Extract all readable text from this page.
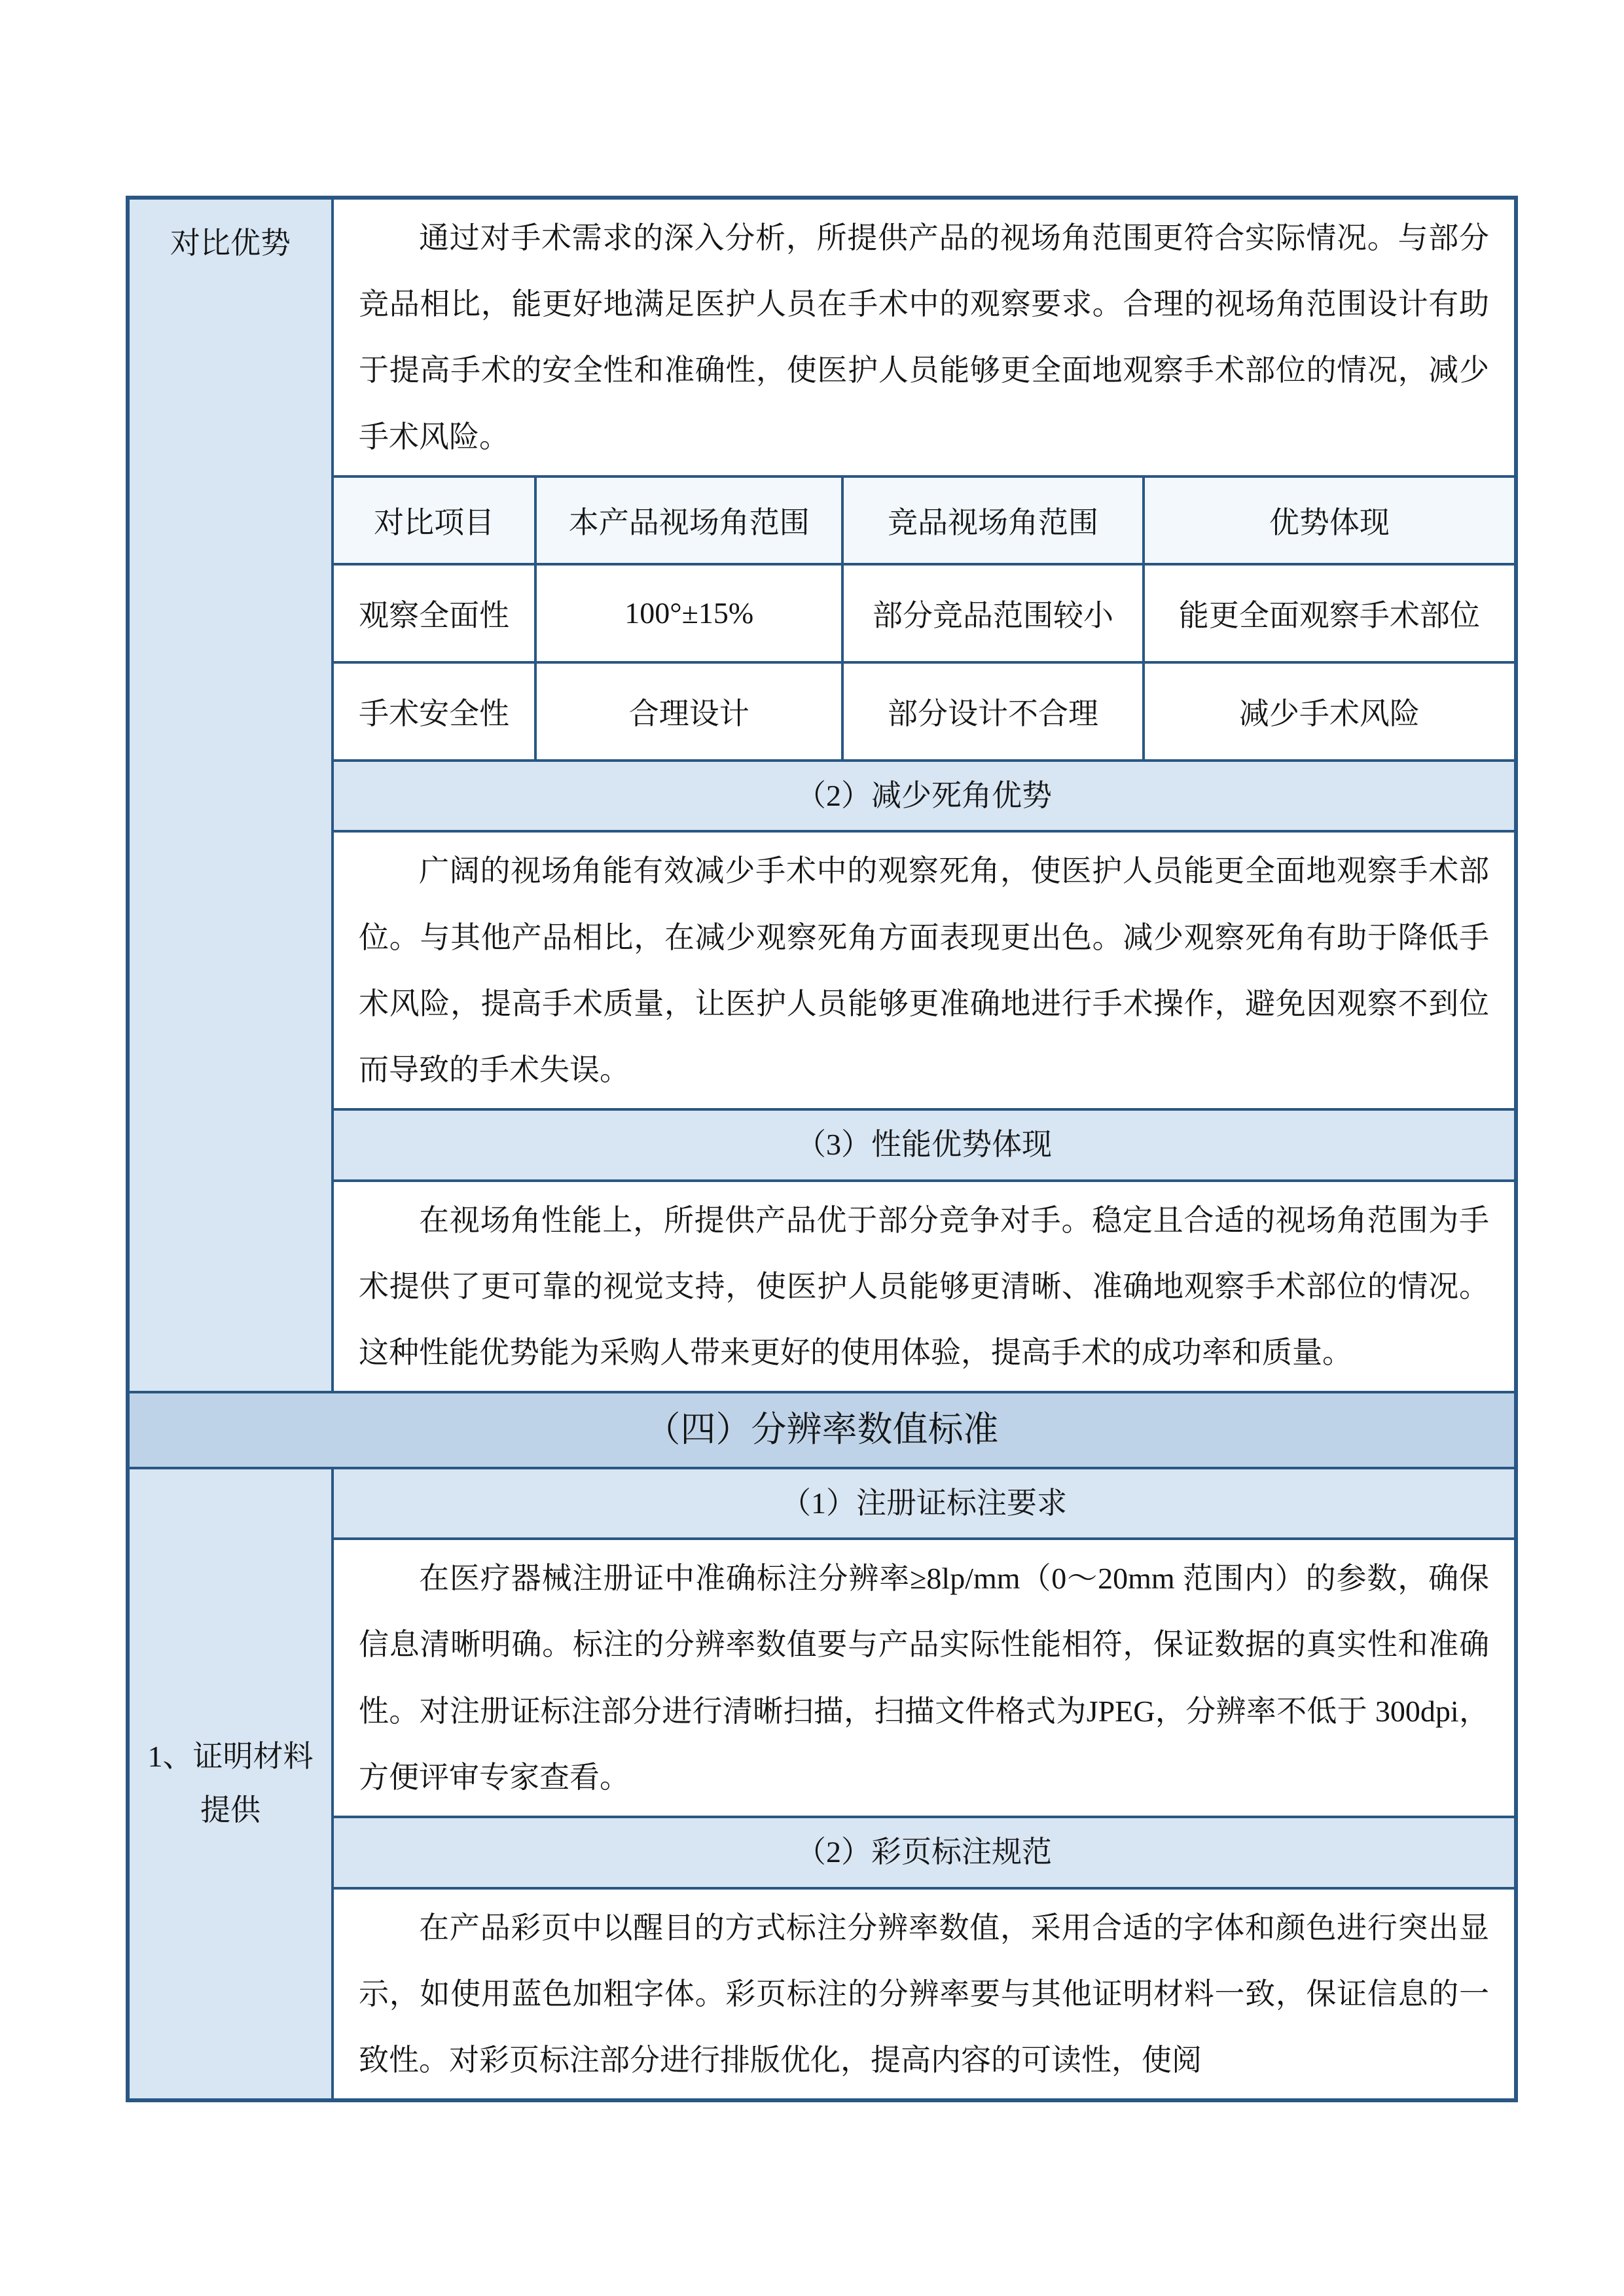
对比优势	通过对手术需求的深入分析，所提供产品的视场角范围更符合实际情况。与部分竞品相比，能更好地满足医护人员在手术中的观察要求。合理的视场角范围设计有助于提高手术的安全性和准确性，使医护人员能够更全面地观察手术部位的情况，减少手术风险。

对比项目	本产品视场角范围	竞品视场角范围	优势体现
观察全面性	100°±15%	部分竞品范围较小	能更全面观察手术部位
手术安全性	合理设计	部分设计不合理	减少手术风险
（2）减少死角优势

广阔的视场角能有效减少手术中的观察死角，使医护人员能更全面地观察手术部位。与其他产品相比，在减少观察死角方面表现更出色。减少观察死角有助于降低手术风险，提高手术质量，让医护人员能够更准确地进行手术操作，避免因观察不到位而导致的手术失误。

（3）性能优势体现

在视场角性能上，所提供产品优于部分竞争对手。稳定且合适的视场角范围为手术提供了更可靠的视觉支持，使医护人员能够更清晰、准确地观察手术部位的情况。这种性能优势能为采购人带来更好的使用体验，提高手术的成功率和质量。

（四）分辨率数值标准
1、证明材料提供
（1）注册证标注要求

在医疗器械注册证中准确标注分辨率≥8lp/mm（0～20mm 范围内）的参数，确保信息清晰明确。标注的分辨率数值要与产品实际性能相符，保证数据的真实性和准确性。对注册证标注部分进行清晰扫描，扫描文件格式为JPEG，分辨率不低于 300dpi，方便评审专家查看。

（2）彩页标注规范

在产品彩页中以醒目的方式标注分辨率数值，采用合适的字体和颜色进行突出显示，如使用蓝色加粗字体。彩页标注的分辨率要与其他证明材料一致，保证信息的一致性。对彩页标注部分进行排版优化，提高内容的可读性，使阅
